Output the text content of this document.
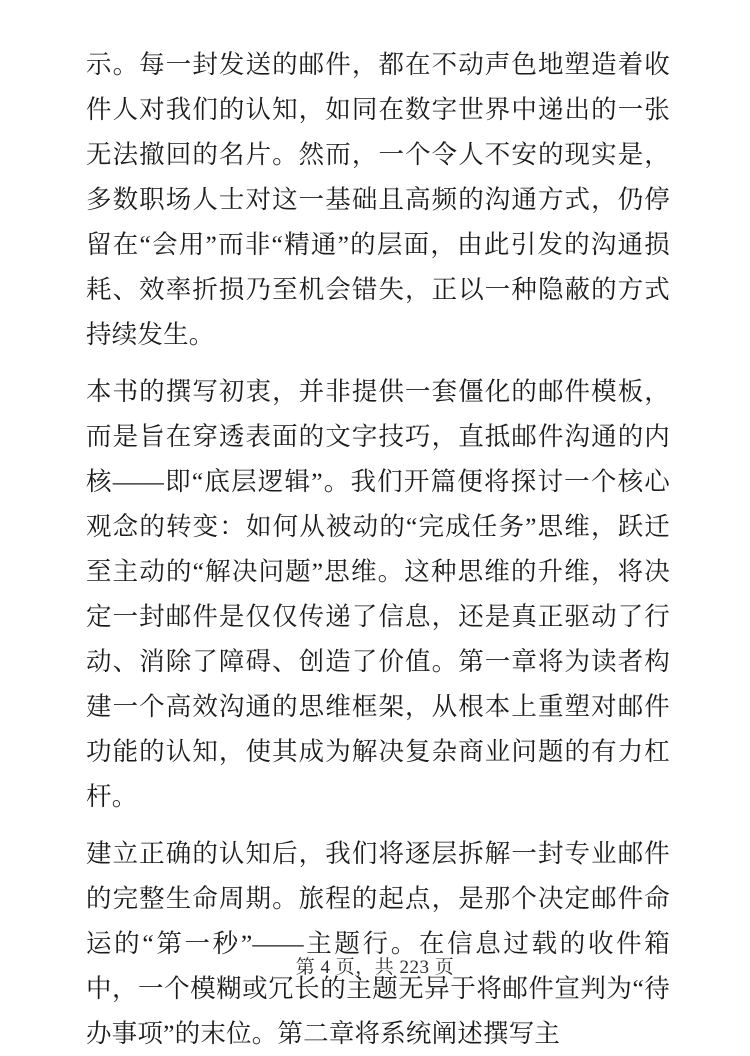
示。每一封发送的邮件，都在不动声色地塑造着收件人对我们的认知，如同在数字世界中递出的一张无法撤回的名片。然而，一个令人不安的现实是，多数职场人士对这一基础且高频的沟通方式，仍停留在“会用”而非“精通”的层面，由此引发的沟通损耗、效率折损乃至机会错失，正以一种隐蔽的方式持续发生。

本书的撰写初衷，并非提供一套僵化的邮件模板，而是旨在穿透表面的文字技巧，直抵邮件沟通的内核——即“底层逻辑”。我们开篇便将探讨一个核心观念的转变：如何从被动的“完成任务”思维，跃迁至主动的“解决问题”思维。这种思维的升维，将决定一封邮件是仅仅传递了信息，还是真正驱动了行动、消除了障碍、创造了价值。第一章将为读者构建一个高效沟通的思维框架，从根本上重塑对邮件功能的认知，使其成为解决复杂商业问题的有力杠杆。

建立正确的认知后，我们将逐层拆解一封专业邮件的完整生命周期。旅程的起点，是那个决定邮件命运的“第一秒”——主题行。在信息过载的收件箱中，一个模糊或冗长的主题无异于将邮件宣判为“待办事项”的末位。第二章将系统阐述撰写主

第 4 页，共 223 页
